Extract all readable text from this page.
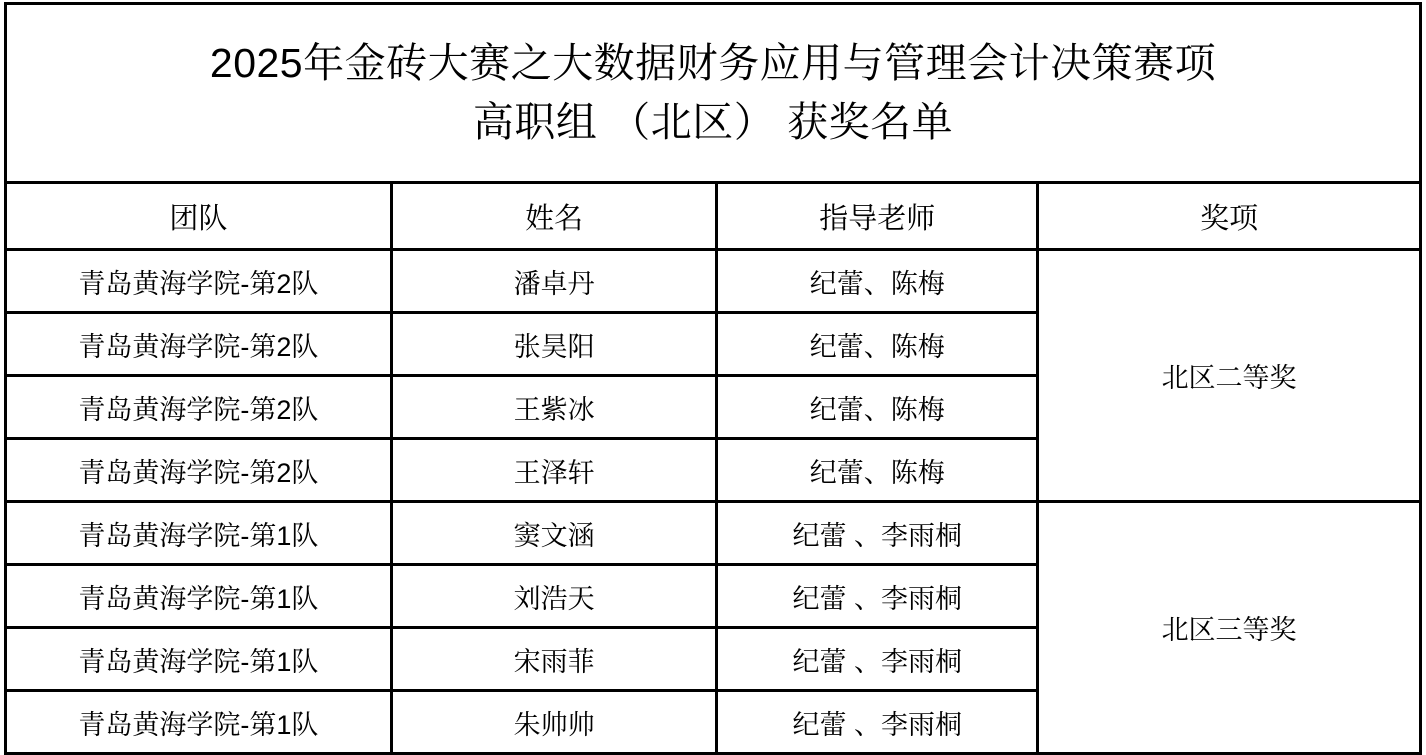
2025年金砖大赛之大数据财务应用与管理会计决策赛项
高职组 （北区） 获奖名单			

团队	姓名	指导老师	奖项
青岛黄海学院-第2队	潘卓丹	纪蕾、陈梅	北区二等奖
青岛黄海学院-第2队	张昊阳	纪蕾、陈梅	
青岛黄海学院-第2队	王紫冰	纪蕾、陈梅	
青岛黄海学院-第2队	王泽轩	纪蕾、陈梅	
青岛黄海学院-第1队	窦文涵	纪蕾 、李雨桐	北区三等奖
青岛黄海学院-第1队	刘浩天	纪蕾 、李雨桐	
青岛黄海学院-第1队	宋雨菲	纪蕾 、李雨桐	
青岛黄海学院-第1队	朱帅帅	纪蕾 、李雨桐	
